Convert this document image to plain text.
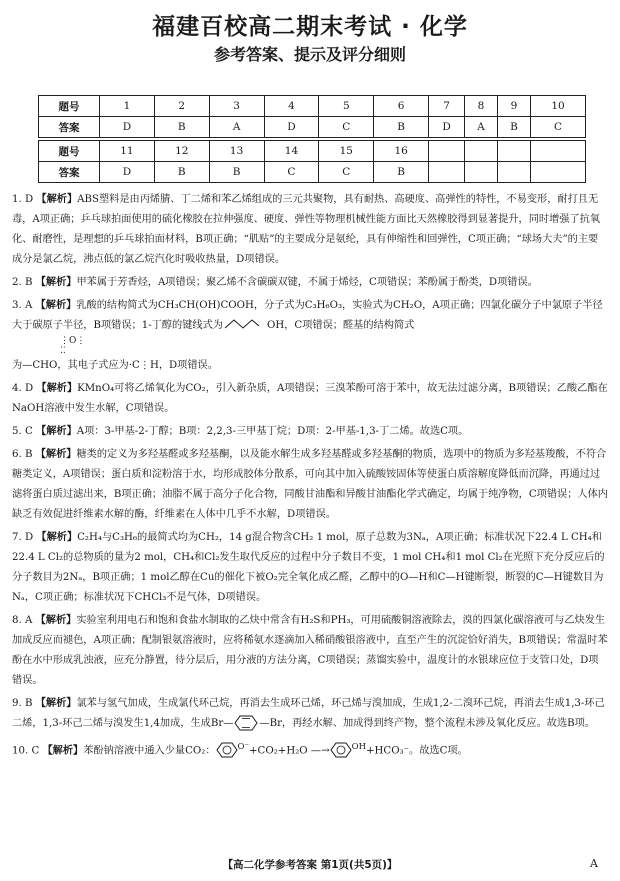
福建百校高二期末考试 · 化学
参考答案、提示及评分细则
题号	1	2	3	4	5	6	7	8	9	10
答案	D	B	A	D	C	B	D	A	B	C

题号	11	12	13	14	15	16				
答案	D	B	B	C	C	B				

1. D 【解析】ABS塑料是由丙烯腈、丁二烯和苯乙烯组成的三元共聚物，具有耐热、高硬度、高弹性的特性，不易变形，耐打且无毒，A项正确；乒乓球拍面使用的硫化橡胶在拉伸强度、硬度、弹性等物理机械性能方面比天然橡胶得到显著提升，同时增强了抗氧化、耐磨性，是理想的乒乓球拍面材料，B项正确；“肌贴”的主要成分是氨纶，具有伸缩性和回弹性，C项正确；“球场大夫”的主要成分是氯乙烷，沸点低的氯乙烷汽化时吸收热量，D项错误。

2. B 【解析】甲苯属于芳香烃，A项错误；聚乙烯不含碳碳双键，不属于烯烃，C项错误；苯酚属于酚类，D项错误。

3. A 【解析】乳酸的结构简式为CH₃CH(OH)COOH，分子式为C₃H₆O₃，实验式为CH₂O，A项正确；四氯化碳分子中氯原子半径大于碳原子半径，B项错误；1-丁醇的键线式为	OH，C项错误；醛基的结构简式
⋮O⋮
⁚⁚
为—CHO，其电子式应为·C⋮H，D项错误。

4. D 【解析】KMnO₄可将乙烯氧化为CO₂，引入新杂质，A项错误；三溴苯酚可溶于苯中，故无法过滤分离，B项错误；乙酸乙酯在NaOH溶液中发生水解，C项错误。

5. C 【解析】A项：3-甲基-2-丁醇；B项：2,2,3-三甲基丁烷；D项：2-甲基-1,3-丁二烯。故选C项。

6. B 【解析】糖类的定义为多羟基醛或多羟基酮，以及能水解生成多羟基醛或多羟基酮的物质，选项中的物质为多羟基羧酸，不符合糖类定义，A项错误；蛋白质和淀粉溶于水，均形成胶体分散系，可向其中加入硫酸铵固体等使蛋白质溶解度降低而沉降，再通过过滤将蛋白质过滤出来，B项正确；油脂不属于高分子化合物，同酸甘油酯和异酸甘油酯化学式确定，均属于纯净物，C项错误；人体内缺乏有效促进纤维素水解的酶，纤维素在人体中几乎不水解，D项错误。

7. D 【解析】C₂H₄与C₃H₆的最简式均为CH₂，14 g混合物含CH₂ 1 mol，原子总数为3Nₐ，A项正确；标准状况下22.4 L CH₄和22.4 L Cl₂的总物质的量为2 mol，CH₄和Cl₂发生取代反应的过程中分子数目不变，1 mol CH₄和1 mol Cl₂在光照下充分反应后的分子数目为2Nₐ，B项正确；1 mol乙醇在Cu的催化下被O₂完全氧化成乙醛，乙醇中的O—H和C—H键断裂，断裂的C—H键数目为Nₐ，C项正确；标准状况下CHCl₃不是气体，D项错误。

8. A 【解析】实验室利用电石和饱和食盐水制取的乙炔中常含有H₂S和PH₃，可用硫酸铜溶液除去，溴的四氯化碳溶液可与乙炔发生加成反应而褪色，A项正确；配制银氨溶液时，应将稀氨水逐滴加入稀硝酸银溶液中，直至产生的沉淀恰好消失，B项错误；常温时苯酚在水中形成乳浊液，应充分静置，待分层后，用分液的方法分离，C项错误；蒸馏实验中，温度计的水银球应位于支管口处，D项错误。

9. B 【解析】氯苯与氢气加成，生成氯代环己烷，再消去生成环己烯，环己烯与溴加成，生成1,2-二溴环己烷，再消去生成1,3-环己二烯，1,3-环己二烯与溴发生1,4加成，生成Br—	—Br，再经水解、加成得到终产物，整个流程未涉及氧化反应。故选B项。

10. C 【解析】苯酚钠溶液中通入少量CO₂：	$^{O^-}$+CO₂+H₂O —→	$^{OH}$+HCO₃⁻。故选C项。

【高二化学参考答案 第1页(共5页)】	A
